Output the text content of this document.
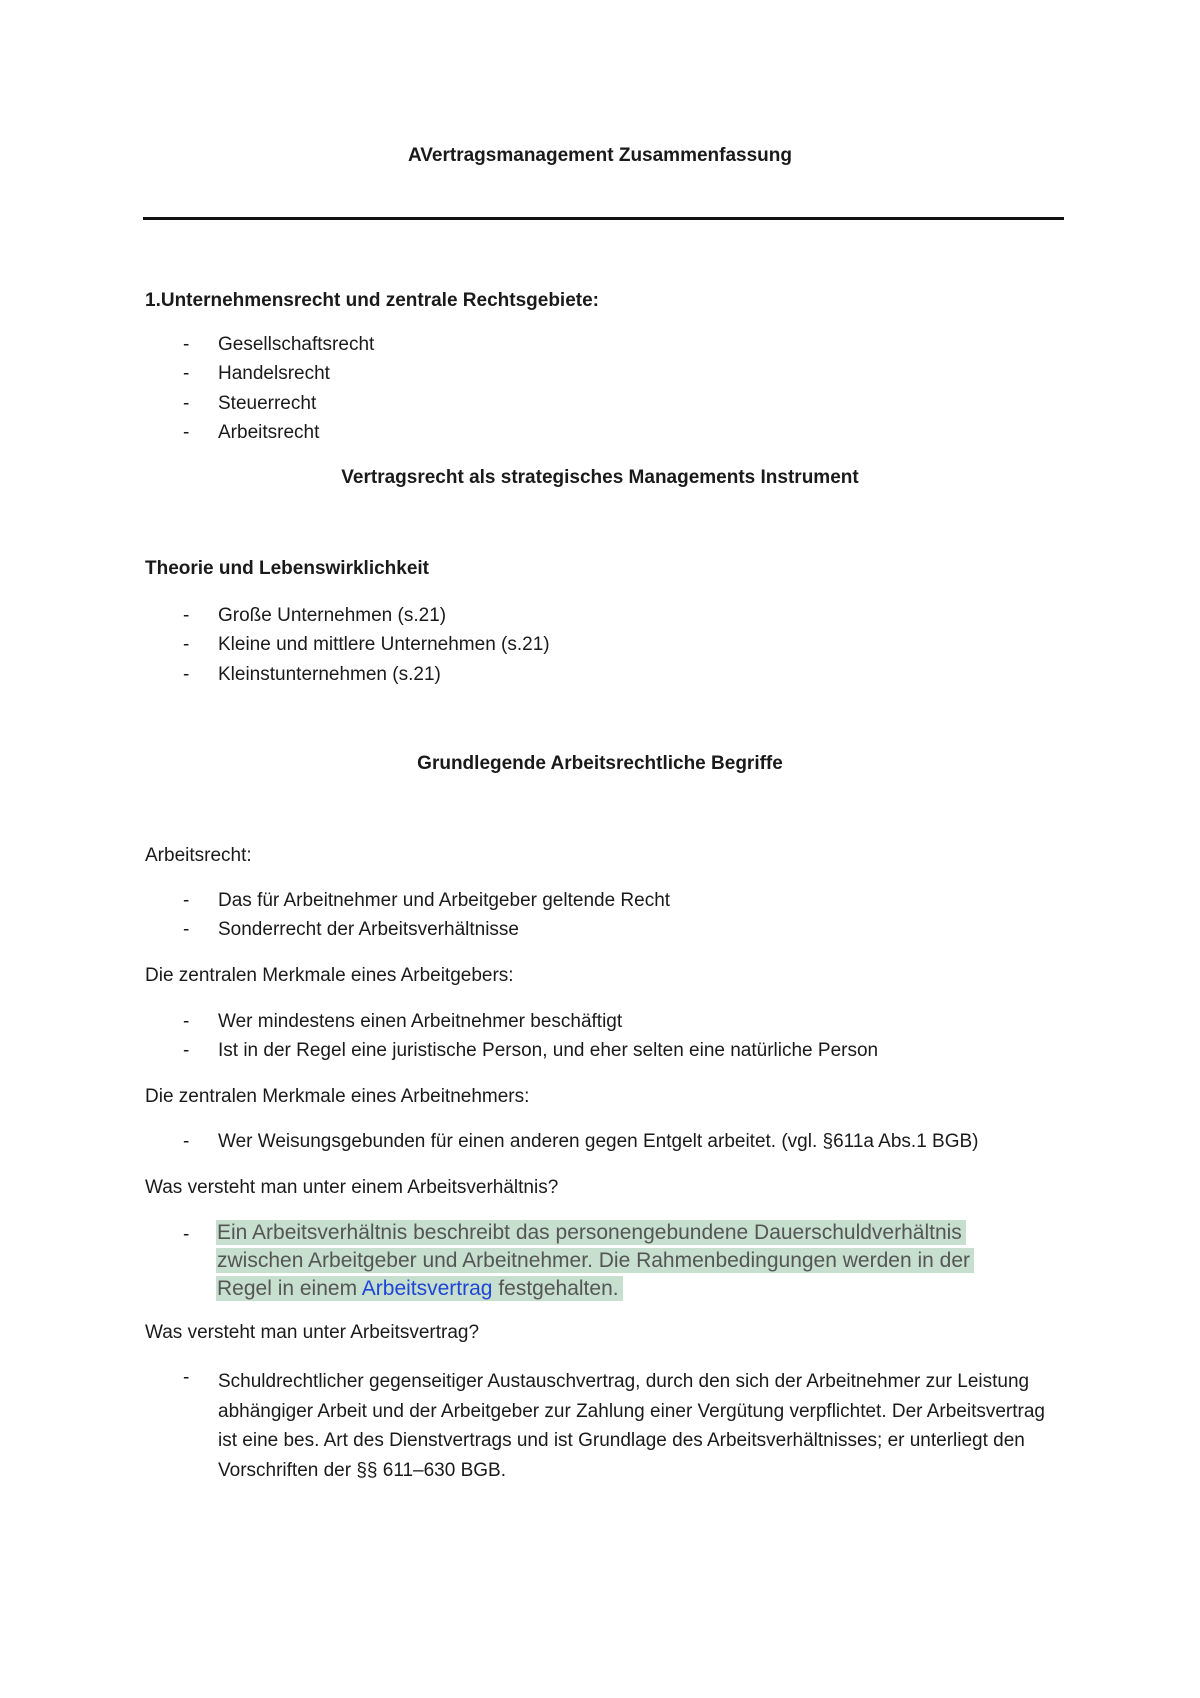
AVertragsmanagement Zusammenfassung
1.Unternehmensrecht und zentrale Rechtsgebiete:
- Gesellschaftsrecht
- Handelsrecht
- Steuerrecht
- Arbeitsrecht
Vertragsrecht als strategisches Managements Instrument
Theorie und Lebenswirklichkeit
- Große Unternehmen (s.21)
- Kleine und mittlere Unternehmen (s.21)
- Kleinstunternehmen (s.21)
Grundlegende Arbeitsrechtliche Begriffe
Arbeitsrecht:
- Das für Arbeitnehmer und Arbeitgeber geltende Recht
- Sonderrecht der Arbeitsverhältnisse
Die zentralen Merkmale eines Arbeitgebers:
- Wer mindestens einen Arbeitnehmer beschäftigt
- Ist in der Regel eine juristische Person, und eher selten eine natürliche Person
Die zentralen Merkmale eines Arbeitnehmers:
- Wer Weisungsgebunden für einen anderen gegen Entgelt arbeitet. (vgl. §611a Abs.1 BGB)
Was versteht man unter einem Arbeitsverhältnis?
- Ein Arbeitsverhältnis beschreibt das personengebundene Dauerschuldverhältnis
zwischen Arbeitgeber und Arbeitnehmer. Die Rahmenbedingungen werden in der
Regel in einem Arbeitsvertrag festgehalten.
Was versteht man unter Arbeitsvertrag?
- Schuldrechtlicher gegenseitiger Austauschvertrag, durch den sich der Arbeitnehmer zur Leistung abhängiger Arbeit und der Arbeitgeber zur Zahlung einer Vergütung verpflichtet. Der Arbeitsvertrag ist eine bes. Art des Dienstvertrags und ist Grundlage des Arbeitsverhältnisses; er unterliegt den Vorschriften der §§ 611–630 BGB.
